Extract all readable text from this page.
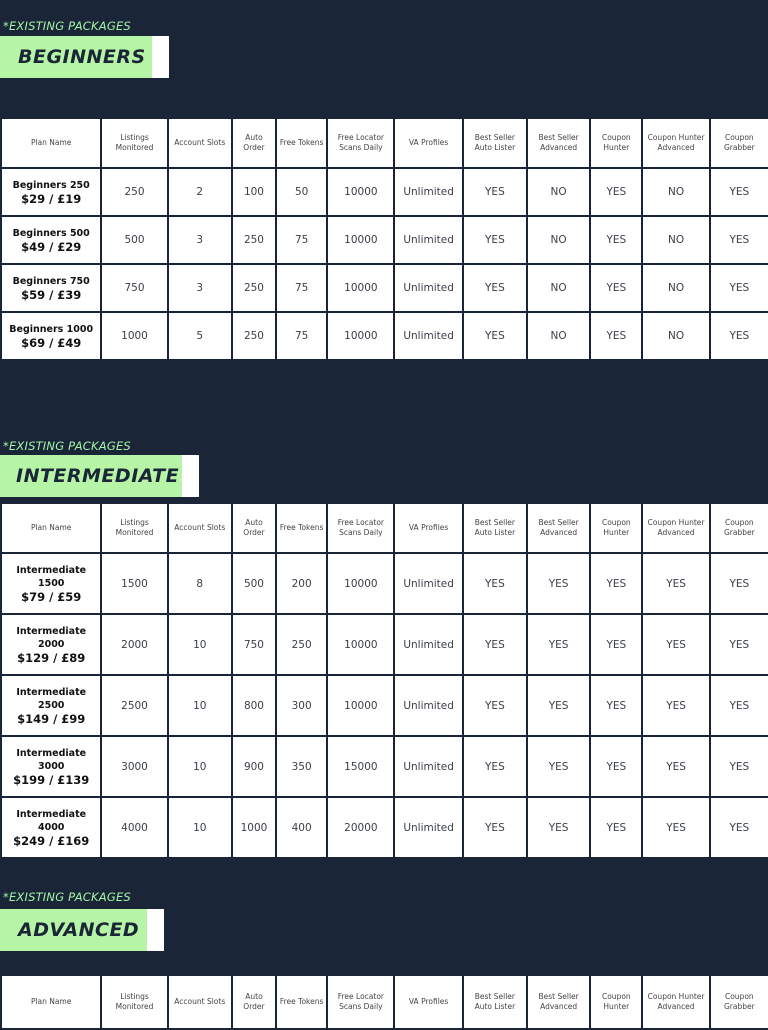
*EXISTING PACKAGES
BEGINNERS
Plan Name	Listings Monitored	Account Slots	Auto Order	Free Tokens	Free Locator Scans Daily	VA Profiles	Best Seller Auto Lister	Best Seller Advanced	Coupon Hunter	Coupon Hunter Advanced	Coupon Grabber

Beginners 250
$29 / £19	250	2	100	50	10000	Unlimited	YES	NO	YES	NO	YES

Beginners 500
$49 / £29	500	3	250	75	10000	Unlimited	YES	NO	YES	NO	YES

Beginners 750
$59 / £39	750	3	250	75	10000	Unlimited	YES	NO	YES	NO	YES

Beginners 1000
$69 / £49	1000	5	250	75	10000	Unlimited	YES	NO	YES	NO	YES
*EXISTING PACKAGES
INTERMEDIATE
Plan Name	Listings Monitored	Account Slots	Auto Order	Free Tokens	Free Locator Scans Daily	VA Profiles	Best Seller Auto Lister	Best Seller Advanced	Coupon Hunter	Coupon Hunter Advanced	Coupon Grabber

Intermediate 1500
$79 / £59	1500	8	500	200	10000	Unlimited	YES	YES	YES	YES	YES

Intermediate 2000
$129 / £89	2000	10	750	250	10000	Unlimited	YES	YES	YES	YES	YES

Intermediate 2500
$149 / £99	2500	10	800	300	10000	Unlimited	YES	YES	YES	YES	YES

Intermediate 3000
$199 / £139	3000	10	900	350	15000	Unlimited	YES	YES	YES	YES	YES

Intermediate 4000
$249 / £169	4000	10	1000	400	20000	Unlimited	YES	YES	YES	YES	YES
*EXISTING PACKAGES
ADVANCED
Plan Name	Listings Monitored	Account Slots	Auto Order	Free Tokens	Free Locator Scans Daily	VA Profiles	Best Seller Auto Lister	Best Seller Advanced	Coupon Hunter	Coupon Hunter Advanced	Coupon Grabber
